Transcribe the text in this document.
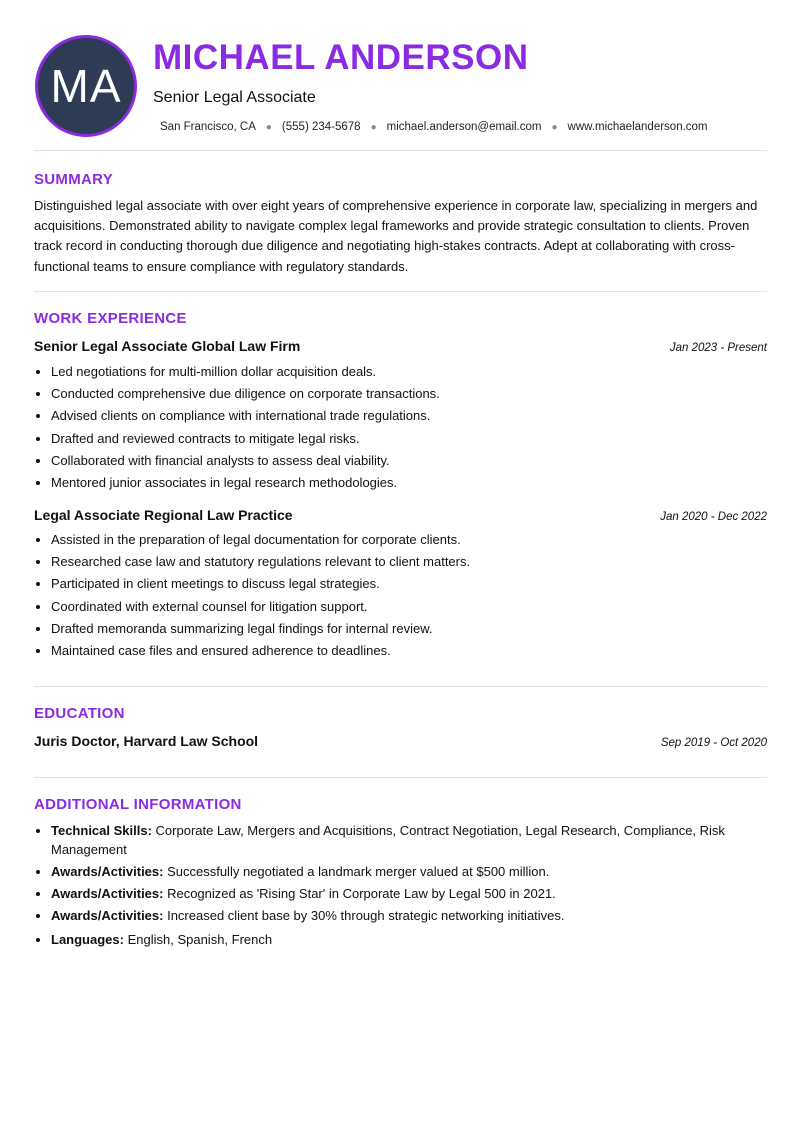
MA
MICHAEL ANDERSON
Senior Legal Associate
San Francisco, CA ● (555) 234-5678 ● michael.anderson@email.com ● www.michaelanderson.com
SUMMARY
Distinguished legal associate with over eight years of comprehensive experience in corporate law, specializing in mergers and acquisitions. Demonstrated ability to navigate complex legal frameworks and provide strategic consultation to clients. Proven track record in conducting thorough due diligence and negotiating high-stakes contracts. Adept at collaborating with cross-functional teams to ensure compliance with regulatory standards.
WORK EXPERIENCE
Senior Legal Associate Global Law Firm	Jan 2023 - Present
• Led negotiations for multi-million dollar acquisition deals.
• Conducted comprehensive due diligence on corporate transactions.
• Advised clients on compliance with international trade regulations.
• Drafted and reviewed contracts to mitigate legal risks.
• Collaborated with financial analysts to assess deal viability.
• Mentored junior associates in legal research methodologies.
Legal Associate Regional Law Practice	Jan 2020 - Dec 2022
• Assisted in the preparation of legal documentation for corporate clients.
• Researched case law and statutory regulations relevant to client matters.
• Participated in client meetings to discuss legal strategies.
• Coordinated with external counsel for litigation support.
• Drafted memoranda summarizing legal findings for internal review.
• Maintained case files and ensured adherence to deadlines.
EDUCATION
Juris Doctor, Harvard Law School	Sep 2019 - Oct 2020
ADDITIONAL INFORMATION
• Technical Skills: Corporate Law, Mergers and Acquisitions, Contract Negotiation, Legal Research, Compliance, Risk Management
• Awards/Activities: Successfully negotiated a landmark merger valued at $500 million.
• Awards/Activities: Recognized as 'Rising Star' in Corporate Law by Legal 500 in 2021.
• Awards/Activities: Increased client base by 30% through strategic networking initiatives.
• Languages: English, Spanish, French
